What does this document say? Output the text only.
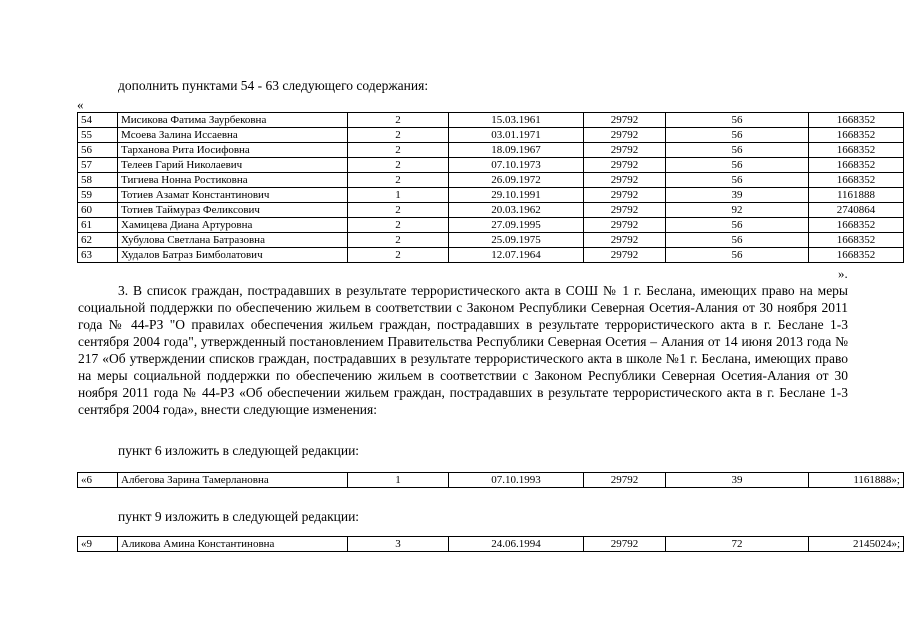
дополнить пунктами 54 - 63 следующего содержания:
«
54	Мисикова Фатима Заурбековна	2	15.03.1961	29792	56	1668352
55	Мсоева Залина Иссаевна	2	03.01.1971	29792	56	1668352
56	Тарханова Рита Иосифовна	2	18.09.1967	29792	56	1668352
57	Телеев Гарий Николаевич	2	07.10.1973	29792	56	1668352
58	Тигиева Нонна Ростиковна	2	26.09.1972	29792	56	1668352
59	Тотиев Азамат Константинович	1	29.10.1991	29792	39	1161888
60	Тотиев Таймураз Феликсович	2	20.03.1962	29792	92	2740864
61	Хамицева Диана Артуровна	2	27.09.1995	29792	56	1668352
62	Хубулова Светлана Батразовна	2	25.09.1975	29792	56	1668352
63	Худалов Батраз Бимболатович	2	12.07.1964	29792	56	1668352
».
3. В список граждан, пострадавших в результате террористического акта в СОШ № 1 г. Беслана, имеющих право на меры социальной поддержки по обеспечению жильем в соответствии с Законом Республики Северная Осетия-Алания от 30 ноября 2011 года № 44-РЗ "О правилах обеспечения жильем граждан, пострадавших в результате террористического акта в г. Беслане 1-3 сентября 2004 года", утвержденный постановлением Правительства Республики Северная Осетия – Алания от 14 июня 2013 года № 217 «Об утверждении списков граждан, пострадавших в результате террористического акта в школе №1 г. Беслана, имеющих право на меры социальной поддержки по обеспечению жильем в соответствии с Законом Республики Северная Осетия-Алания от 30 ноября 2011 года № 44-РЗ «Об обеспечении жильем граждан, пострадавших в результате террористического акта в г. Беслане 1-3 сентября 2004 года», внести следующие изменения:
пункт 6 изложить в следующей редакции:
«6	Албегова Зарина Тамерлановна	1	07.10.1993	29792	39	1161888»;
пункт 9 изложить в следующей редакции:
«9	Аликова Амина Константиновна	3	24.06.1994	29792	72	2145024»;
